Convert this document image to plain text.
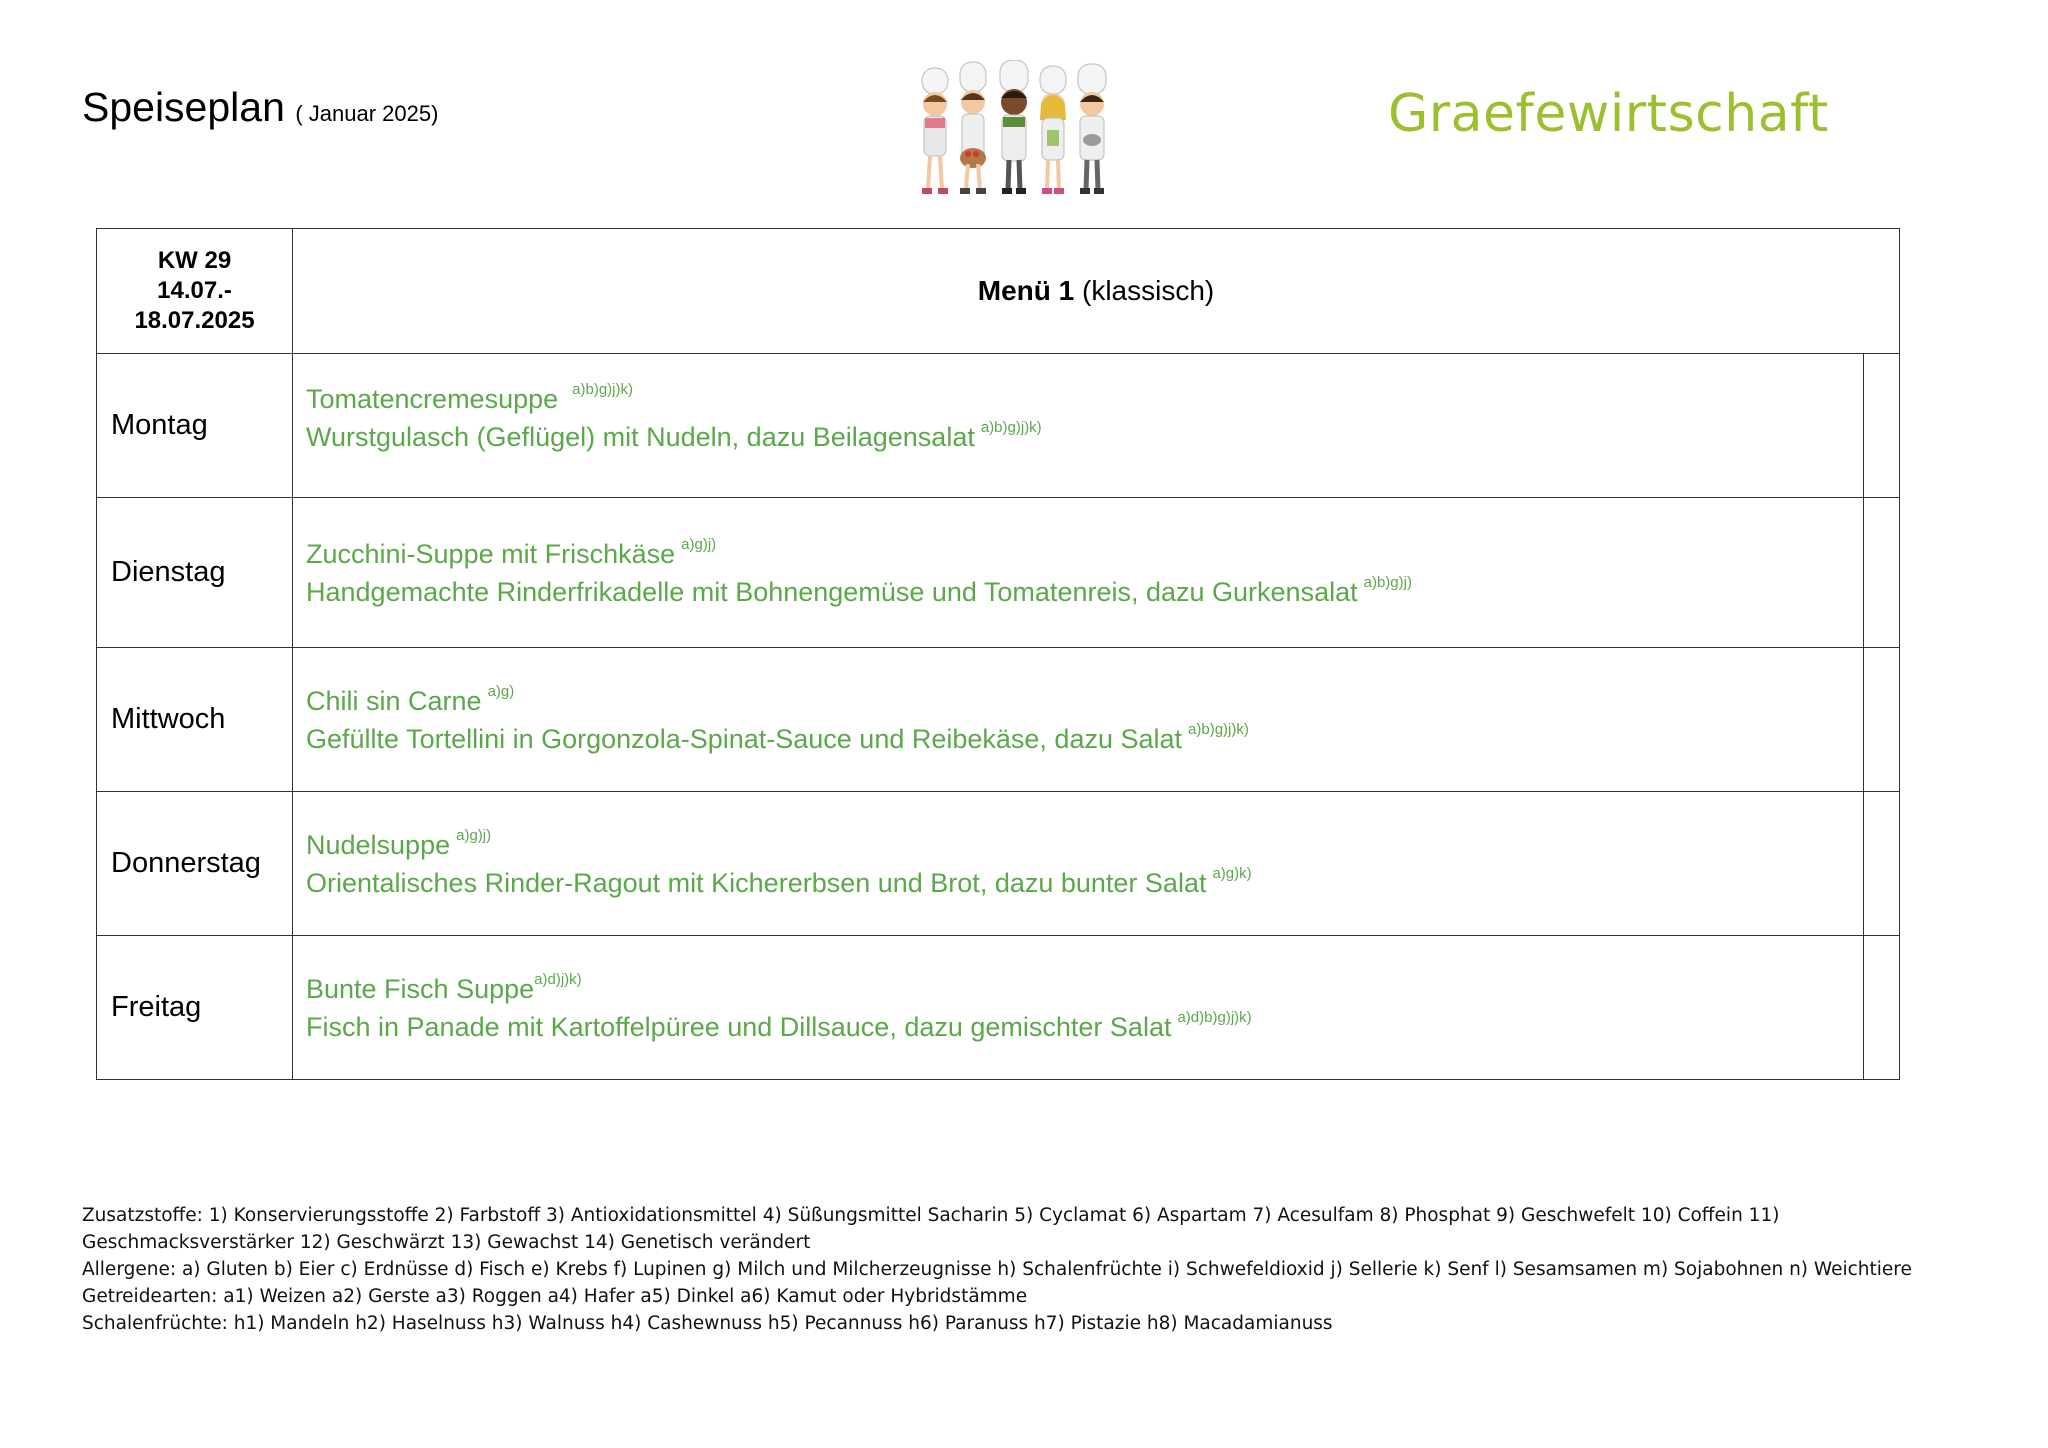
Speiseplan ( Januar 2025)	Graefewirtschaft
KW 29
14.07.-
18.07.2025	Menü 1 (klassisch)	
Montag	Tomatencremesuppe $^{a)b)g)j)k)}$
Wurstgulasch (Geflügel) mit Nudeln, dazu Beilagensalat $^{a)b)g)j)k)}$

Dienstag	Zucchini-Suppe mit Frischkäse $^{a)g)j)}$
Handgemachte Rinderfrikadelle mit Bohnengemüse und Tomatenreis, dazu Gurkensalat $^{a)b)g)j)}$

Mittwoch	Chili sin Carne $^{a)g)}$
Gefüllte Tortellini in Gorgonzola-Spinat-Sauce und Reibekäse, dazu Salat $^{a)b)g)j)k)}$

Donnerstag	Nudelsuppe $^{a)g)j)}$
Orientalisches Rinder-Ragout mit Kichererbsen und Brot, dazu bunter Salat $^{a)g)k)}$

Freitag	Bunte Fisch Suppe$^{a)d)j)k)}$
Fisch in Panade mit Kartoffelpüree und Dillsauce, dazu gemischter Salat $^{a)d)b)g)j)k)}$

Zusatzstoffe: 1) Konservierungsstoffe 2) Farbstoff 3) Antioxidationsmittel 4) Süßungsmittel Sacharin 5) Cyclamat 6) Aspartam 7) Acesulfam 8) Phosphat 9) Geschwefelt 10) Coffein 11) Geschmacksverstärker 12) Geschwärzt 13) Gewachst 14) Genetisch verändert
Allergene: a) Gluten b) Eier c) Erdnüsse d) Fisch e) Krebs f) Lupinen g) Milch und Milcherzeugnisse h) Schalenfrüchte i) Schwefeldioxid j) Sellerie k) Senf l) Sesamsamen m) Sojabohnen n) Weichtiere
Getreidearten: a1) Weizen a2) Gerste a3) Roggen a4) Hafer a5) Dinkel a6) Kamut oder Hybridstämme
Schalenfrüchte: h1) Mandeln h2) Haselnuss h3) Walnuss h4) Cashewnuss h5) Pecannuss h6) Paranuss h7) Pistazie h8) Macadamianuss
